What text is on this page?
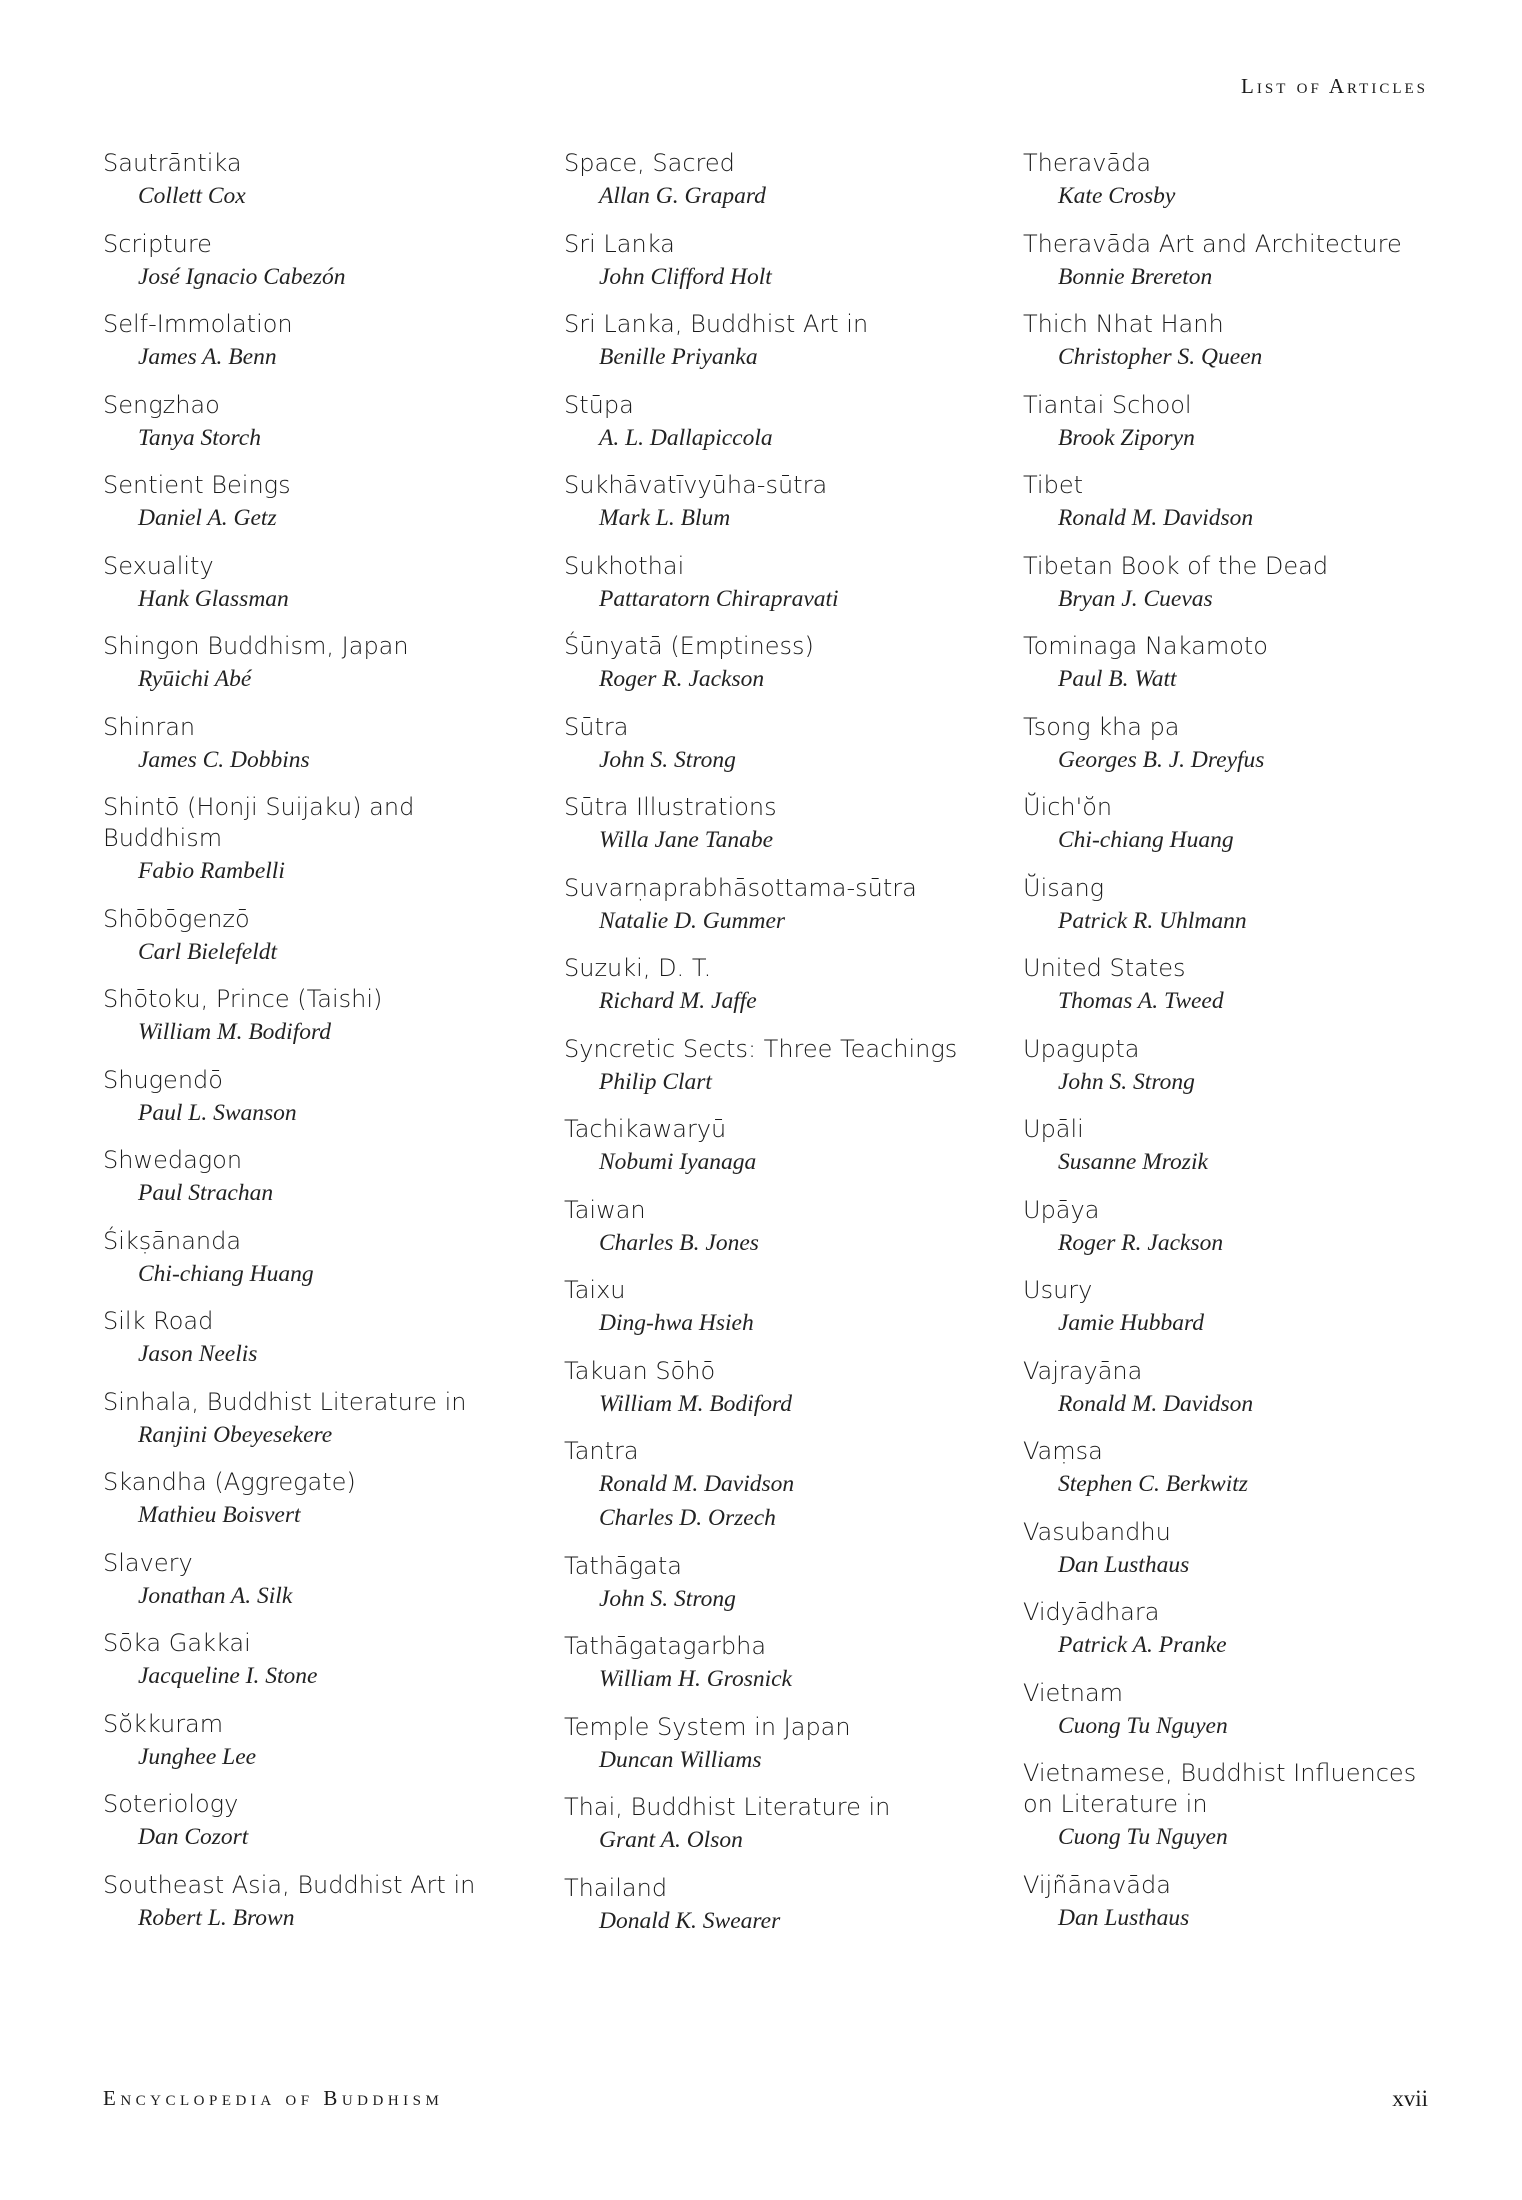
List of Articles
Sautrāntika
Collett Cox
Scripture
José Ignacio Cabezón
Self-Immolation
James A. Benn
Sengzhao
Tanya Storch
Sentient Beings
Daniel A. Getz
Sexuality
Hank Glassman
Shingon Buddhism, Japan
Ryūichi Abé
Shinran
James C. Dobbins
Shintō (Honji Suijaku) and Buddhism
Fabio Rambelli
Shōbōgenzō
Carl Bielefeldt
Shōtoku, Prince (Taishi)
William M. Bodiford
Shugendō
Paul L. Swanson
Shwedagon
Paul Strachan
Śikṣānanda
Chi-chiang Huang
Silk Road
Jason Neelis
Sinhala, Buddhist Literature in
Ranjini Obeyesekere
Skandha (Aggregate)
Mathieu Boisvert
Slavery
Jonathan A. Silk
Sōka Gakkai
Jacqueline I. Stone
Sŏkkuram
Junghee Lee
Soteriology
Dan Cozort
Southeast Asia, Buddhist Art in
Robert L. Brown
Space, Sacred
Allan G. Grapard
Sri Lanka
John Clifford Holt
Sri Lanka, Buddhist Art in
Benille Priyanka
Stūpa
A. L. Dallapiccola
Sukhāvatīvyūha-sūtra
Mark L. Blum
Sukhothai
Pattaratorn Chirapravati
Śūnyatā (Emptiness)
Roger R. Jackson
Sūtra
John S. Strong
Sūtra Illustrations
Willa Jane Tanabe
Suvarṇaprabhāsottama-sūtra
Natalie D. Gummer
Suzuki, D. T.
Richard M. Jaffe
Syncretic Sects: Three Teachings
Philip Clart
Tachikawaryū
Nobumi Iyanaga
Taiwan
Charles B. Jones
Taixu
Ding-hwa Hsieh
Takuan Sōhō
William M. Bodiford
Tantra
Ronald M. Davidson
Charles D. Orzech
Tathāgata
John S. Strong
Tathāgatagarbha
William H. Grosnick
Temple System in Japan
Duncan Williams
Thai, Buddhist Literature in
Grant A. Olson
Thailand
Donald K. Swearer
Theravāda
Kate Crosby
Theravāda Art and Architecture
Bonnie Brereton
Thich Nhat Hanh
Christopher S. Queen
Tiantai School
Brook Ziporyn
Tibet
Ronald M. Davidson
Tibetan Book of the Dead
Bryan J. Cuevas
Tominaga Nakamoto
Paul B. Watt
Tsong kha pa
Georges B. J. Dreyfus
Ŭich'ŏn
Chi-chiang Huang
Ŭisang
Patrick R. Uhlmann
United States
Thomas A. Tweed
Upagupta
John S. Strong
Upāli
Susanne Mrozik
Upāya
Roger R. Jackson
Usury
Jamie Hubbard
Vajrayāna
Ronald M. Davidson
Vaṃsa
Stephen C. Berkwitz
Vasubandhu
Dan Lusthaus
Vidyādhara
Patrick A. Pranke
Vietnam
Cuong Tu Nguyen
Vietnamese, Buddhist Influences on Literature in
Cuong Tu Nguyen
Vijñānavāda
Dan Lusthaus
Encyclopedia of Buddhism	xvii
